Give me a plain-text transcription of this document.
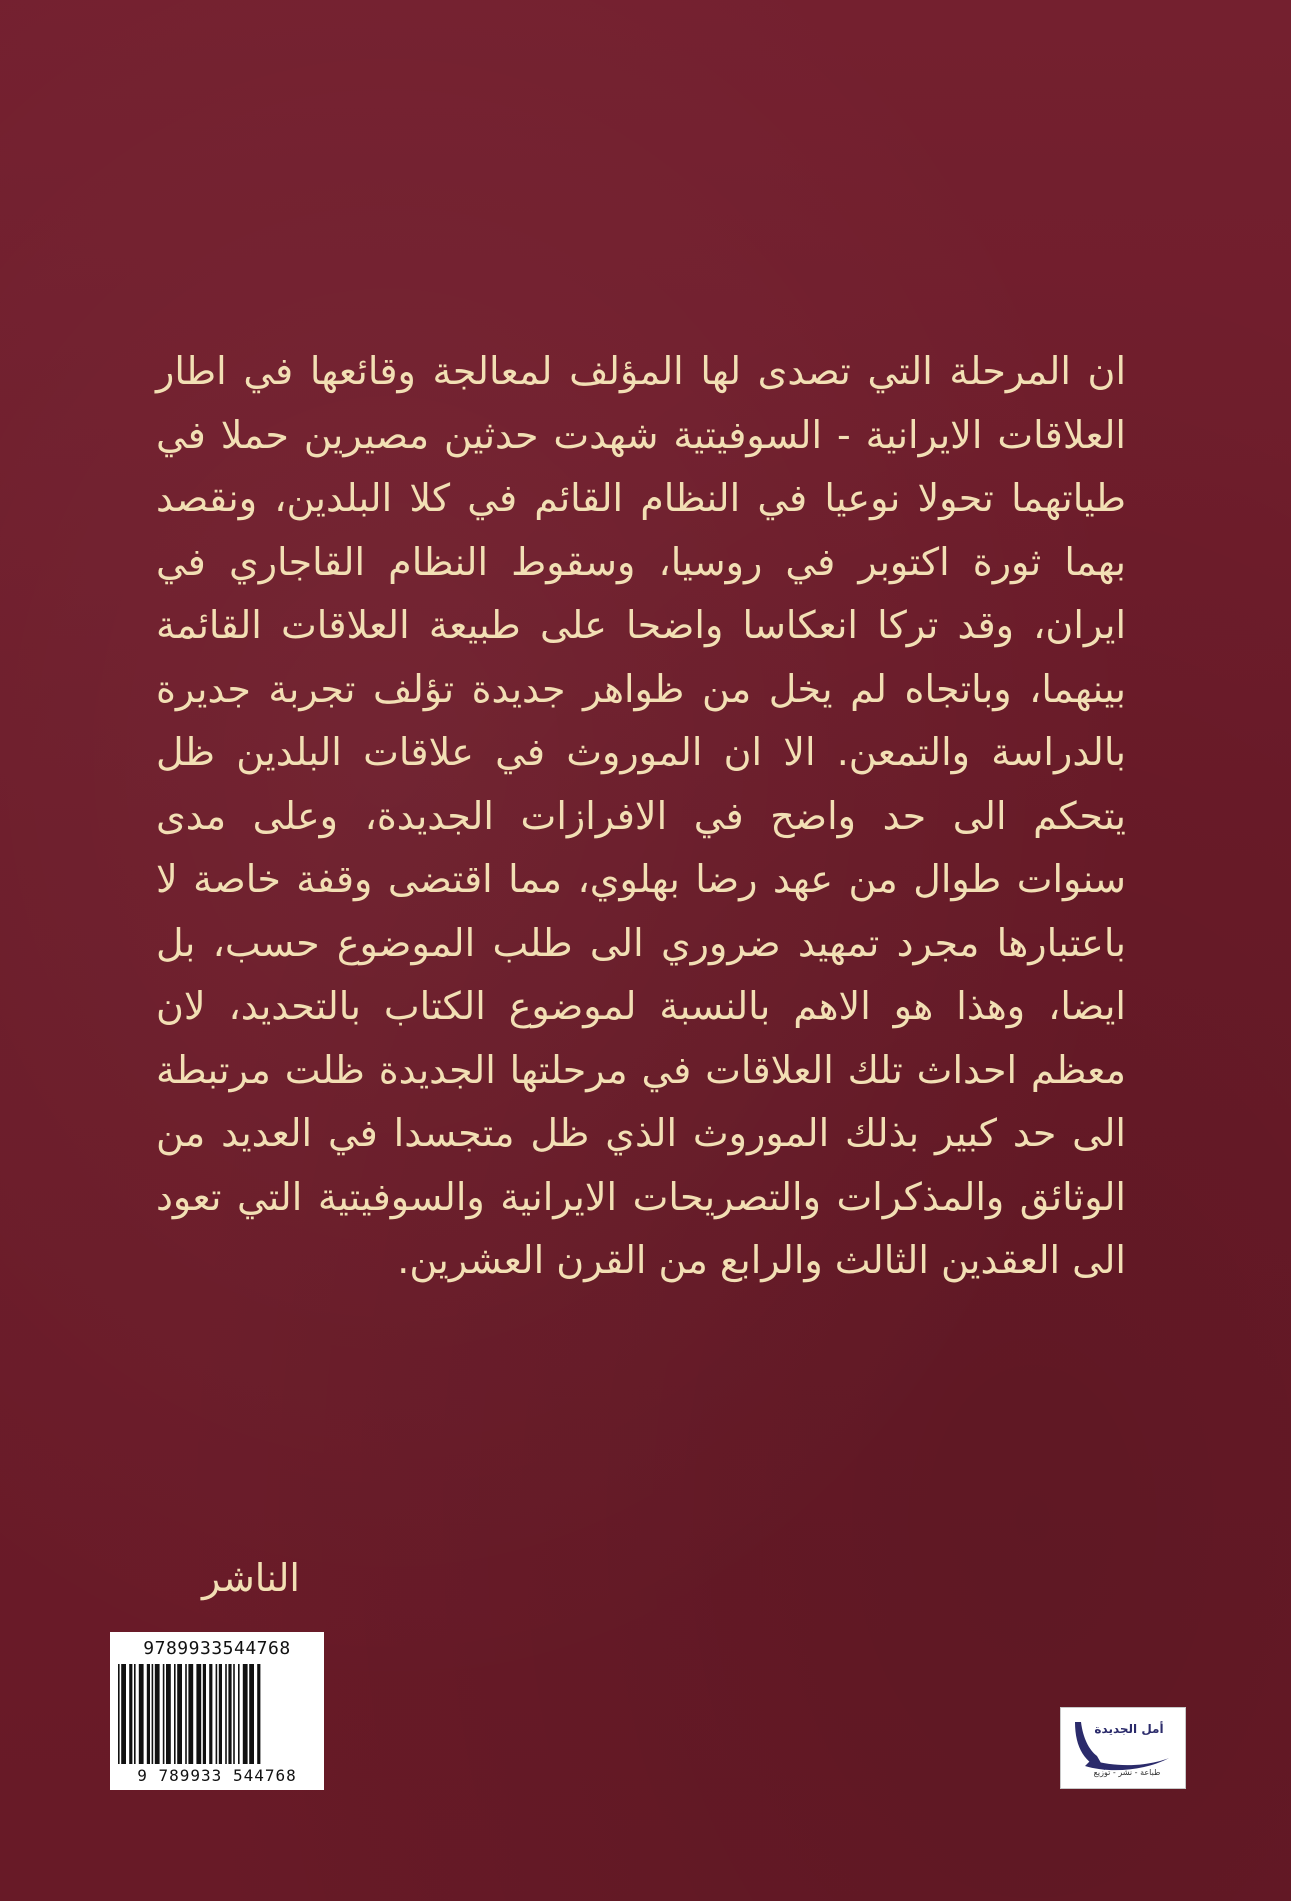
ان المرحلة التي تصدى لها المؤلف لمعالجة وقائعها في اطار العلاقات الايرانية - السوفيتية شهدت حدثين مصيرين حملا في طياتهما تحولا نوعيا في النظام القائم في كلا البلدين، ونقصد بهما ثورة اكتوبر في روسيا، وسقوط النظام القاجاري في ايران، وقد تركا انعكاسا واضحا على طبيعة العلاقات القائمة بينهما، وباتجاه لم يخل من ظواهر جديدة تؤلف تجربة جديرة بالدراسة والتمعن. الا ان الموروث في علاقات البلدين ظل يتحكم الى حد واضح في الافرازات الجديدة، وعلى مدى سنوات طوال من عهد رضا بهلوي، مما اقتضى وقفة خاصة لا باعتبارها مجرد تمهيد ضروري الى طلب الموضوع حسب، بل ايضا، وهذا هو الاهم بالنسبة لموضوع الكتاب بالتحديد، لان معظم احداث تلك العلاقات في مرحلتها الجديدة ظلت مرتبطة الى حد كبير بذلك الموروث الذي ظل متجسدا في العديد من الوثائق والمذكرات والتصريحات الايرانية والسوفيتية التي تعود الى العقدين الثالث والرابع من القرن العشرين.

الناشر
9789933544768
9 789933 544768
أمل الجديدة
طباعة - نشر - توزيع
